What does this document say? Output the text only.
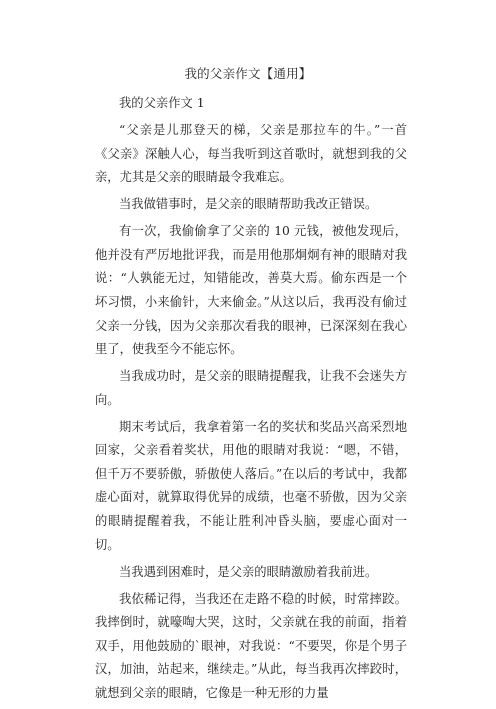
我的父亲作文【通用】

我的父亲作文 1

“父亲是儿那登天的梯，父亲是那拉车的牛。”一首《父亲》深触人心，每当我听到这首歌时，就想到我的父亲，尤其是父亲的眼睛最令我难忘。

当我做错事时，是父亲的眼睛帮助我改正错误。

有一次，我偷偷拿了父亲的 10 元钱，被他发现后，他并没有严厉地批评我，而是用他那炯炯有神的眼睛对我说：“人孰能无过，知错能改，善莫大焉。偷东西是一个坏习惯，小来偷针，大来偷金。”从这以后，我再没有偷过父亲一分钱，因为父亲那次看我的眼神，已深深刻在我心里了，使我至今不能忘怀。

当我成功时，是父亲的眼睛提醒我，让我不会迷失方向。

期末考试后，我拿着第一名的奖状和奖品兴高采烈地回家，父亲看着奖状，用他的眼睛对我说：“嗯，不错，但千万不要骄傲，骄傲使人落后。”在以后的考试中，我都虚心面对，就算取得优异的成绩，也毫不骄傲，因为父亲的眼睛提醒着我，不能让胜利冲昏头脑，要虚心面对一切。

当我遇到困难时，是父亲的眼睛激励着我前进。

我依稀记得，当我还在走路不稳的时候，时常摔跤。我摔倒时，就嚎啕大哭，这时，父亲就在我的前面，指着双手，用他鼓励的`眼神，对我说：“不要哭，你是个男子汉，加油，站起来，继续走。”从此，每当我再次摔跤时，就想到父亲的眼睛，它像是一种无形的力量
